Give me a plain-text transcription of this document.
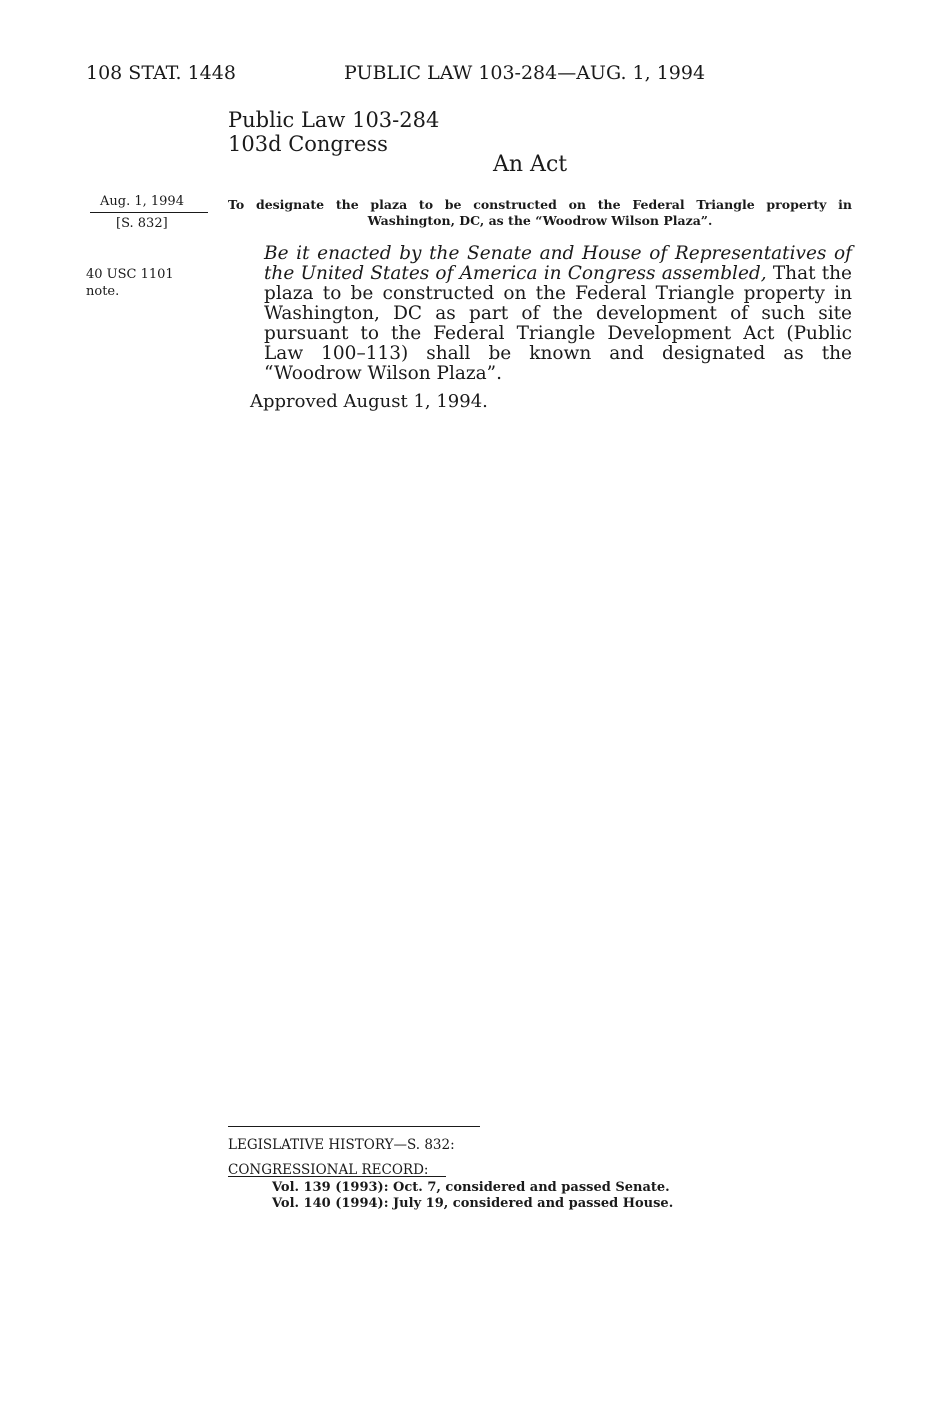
108 STAT. 1448	PUBLIC LAW 103-284—AUG. 1, 1994
Public Law 103-284
103d Congress
An Act
Aug. 1, 1994
[S. 832]
40 USC 1101
note.
To designate the plaza to be constructed on the Federal Triangle property in Washington, DC, as the “Woodrow Wilson Plaza”.
Be it enacted by the Senate and House of Representatives of the United States of America in Congress assembled, That the plaza to be constructed on the Federal Triangle property in Washington, DC as part of the development of such site pursuant to the Federal Triangle Development Act (Public Law 100–113) shall be known and designated as the “Woodrow Wilson Plaza”.
Approved August 1, 1994.
LEGISLATIVE HISTORY—S. 832:
CONGRESSIONAL RECORD:
Vol. 139 (1993): Oct. 7, considered and passed Senate.
Vol. 140 (1994): July 19, considered and passed House.
